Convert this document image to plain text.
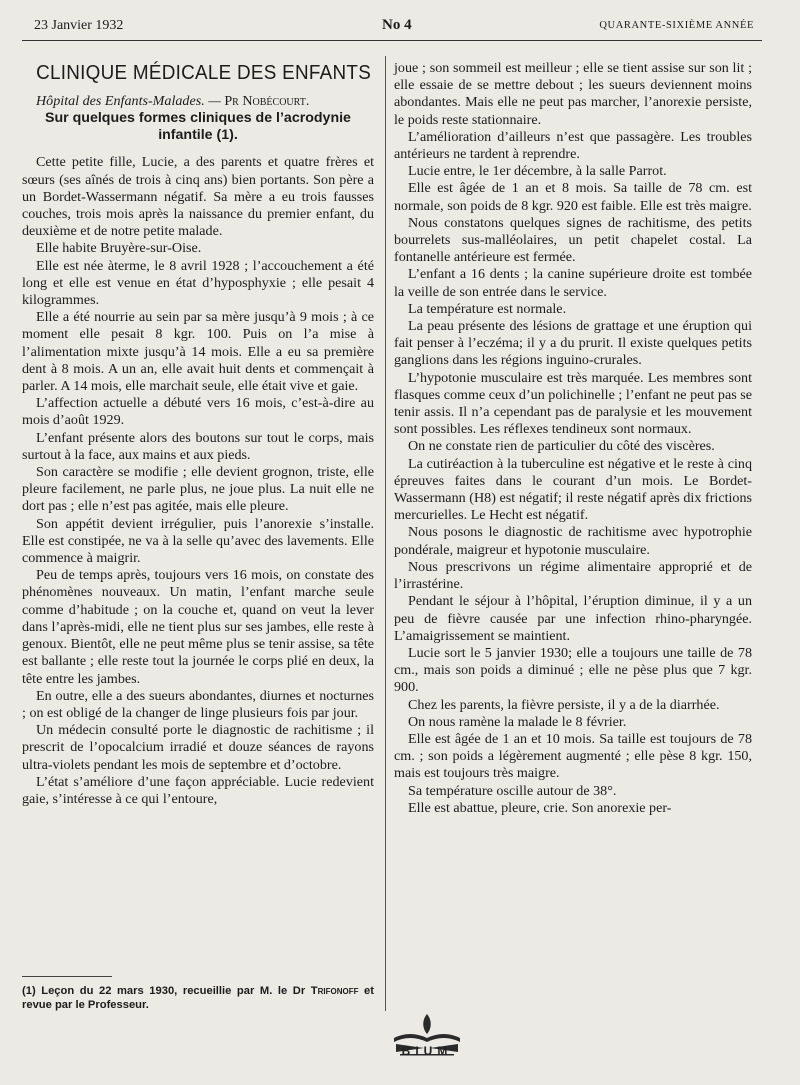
23 Janvier 1932	No 4	QUARANTE-SIXIÈME ANNÉE
CLINIQUE MÉDICALE DES ENFANTS

Hôpital des Enfants-Malades. — Pr Nobécourt.

Sur quelques formes cliniques de l’acrodynie infantile (1).

Cette petite fille, Lucie, a des parents et quatre frères et sœurs (ses aînés de trois à cinq ans) bien portants. Son père a un Bordet-Wassermann négatif. Sa mère a eu trois fausses couches, trois mois après la naissance du premier enfant, du deuxième et de notre petite malade.

Elle habite Bruyère-sur-Oise.

Elle est née àterme, le 8 avril 1928 ; l’accouchement a été long et elle est venue en état d’hyposphyxie ; elle pesait 4 kilogrammes.

Elle a été nourrie au sein par sa mère jusqu’à 9 mois ; à ce moment elle pesait 8 kgr. 100. Puis on l’a mise à l’alimentation mixte jusqu’à 14 mois. Elle a eu sa première dent à 8 mois. A un an, elle avait huit dents et commençait à parler. A 14 mois, elle marchait seule, elle était vive et gaie.

L’affection actuelle a débuté vers 16 mois, c’est-à-dire au mois d’août 1929.

L’enfant présente alors des boutons sur tout le corps, mais surtout à la face, aux mains et aux pieds.

Son caractère se modifie ; elle devient grognon, triste, elle pleure facilement, ne parle plus, ne joue plus. La nuit elle ne dort pas ; elle n’est pas agitée, mais elle pleure.

Son appétit devient irrégulier, puis l’anorexie s’installe. Elle est constipée, ne va à la selle qu’avec des lavements. Elle commence à maigrir.

Peu de temps après, toujours vers 16 mois, on constate des phénomènes nouveaux. Un matin, l’enfant marche seule comme d’habitude ; on la couche et, quand on veut la lever dans l’après-midi, elle ne tient plus sur ses jambes, elle reste à genoux. Bientôt, elle ne peut même plus se tenir assise, sa tête est ballante ; elle reste tout la journée le corps plié en deux, la tête entre les jambes.

En outre, elle a des sueurs abondantes, diurnes et nocturnes ; on est obligé de la changer de linge plusieurs fois par jour.

Un médecin consulté porte le diagnostic de rachitisme ; il prescrit de l’opocalcium irradié et douze séances de rayons ultra-violets pendant les mois de septembre et d’octobre.

L’état s’améliore d’une façon appréciable. Lucie redevient gaie, s’intéresse à ce qui l’entoure,

joue ; son sommeil est meilleur ; elle se tient assise sur son lit ; elle essaie de se mettre debout ; les sueurs deviennent moins abondantes. Mais elle ne peut pas marcher, l’anorexie persiste, le poids reste stationnaire.

L’amélioration d’ailleurs n’est que passagère. Les troubles antérieurs ne tardent à reprendre.

Lucie entre, le 1er décembre, à la salle Parrot.

Elle est âgée de 1 an et 8 mois. Sa taille de 78 cm. est normale, son poids de 8 kgr. 920 est faible. Elle est très maigre.

Nous constatons quelques signes de rachitisme, des petits bourrelets sus-malléolaires, un petit chapelet costal. La fontanelle antérieure est fermée.

L’enfant a 16 dents ; la canine supérieure droite est tombée la veille de son entrée dans le service.

La température est normale.

La peau présente des lésions de grattage et une éruption qui fait penser à l’eczéma; il y a du prurit. Il existe quelques petits ganglions dans les régions inguino-crurales.

L’hypotonie musculaire est très marquée. Les membres sont flasques comme ceux d’un polichinelle ; l’enfant ne peut pas se tenir assis. Il n’a cependant pas de paralysie et les mouvement sont possibles. Les réflexes tendineux sont normaux.

On ne constate rien de particulier du côté des viscères.

La cutiréaction à la tuberculine est négative et le reste à cinq épreuves faites dans le courant d’un mois. Le Bordet-Wassermann (H8) est négatif; il reste négatif après dix frictions mercurielles. Le Hecht est négatif.

Nous posons le diagnostic de rachitisme avec hypotrophie pondérale, maigreur et hypotonie musculaire.

Nous prescrivons un régime alimentaire approprié et de l’irrastérine.

Pendant le séjour à l’hôpital, l’éruption diminue, il y a un peu de fièvre causée par une infection rhino-pharyngée. L’amaigrissement se maintient.

Lucie sort le 5 janvier 1930; elle a toujours une taille de 78 cm., mais son poids a diminué ; elle ne pèse plus que 7 kgr. 900.

Chez les parents, la fièvre persiste, il y a de la diarrhée.

On nous ramène la malade le 8 février.

Elle est âgée de 1 an et 10 mois. Sa taille est toujours de 78 cm. ; son poids a légèrement augmenté ; elle pèse 8 kgr. 150, mais est toujours très maigre.

Sa température oscille autour de 38°.

Elle est abattue, pleure, crie. Son anorexie per-

(1) Leçon du 22 mars 1930, recueillie par M. le Dr Trifonoff et revue par le Professeur.
BIUM
